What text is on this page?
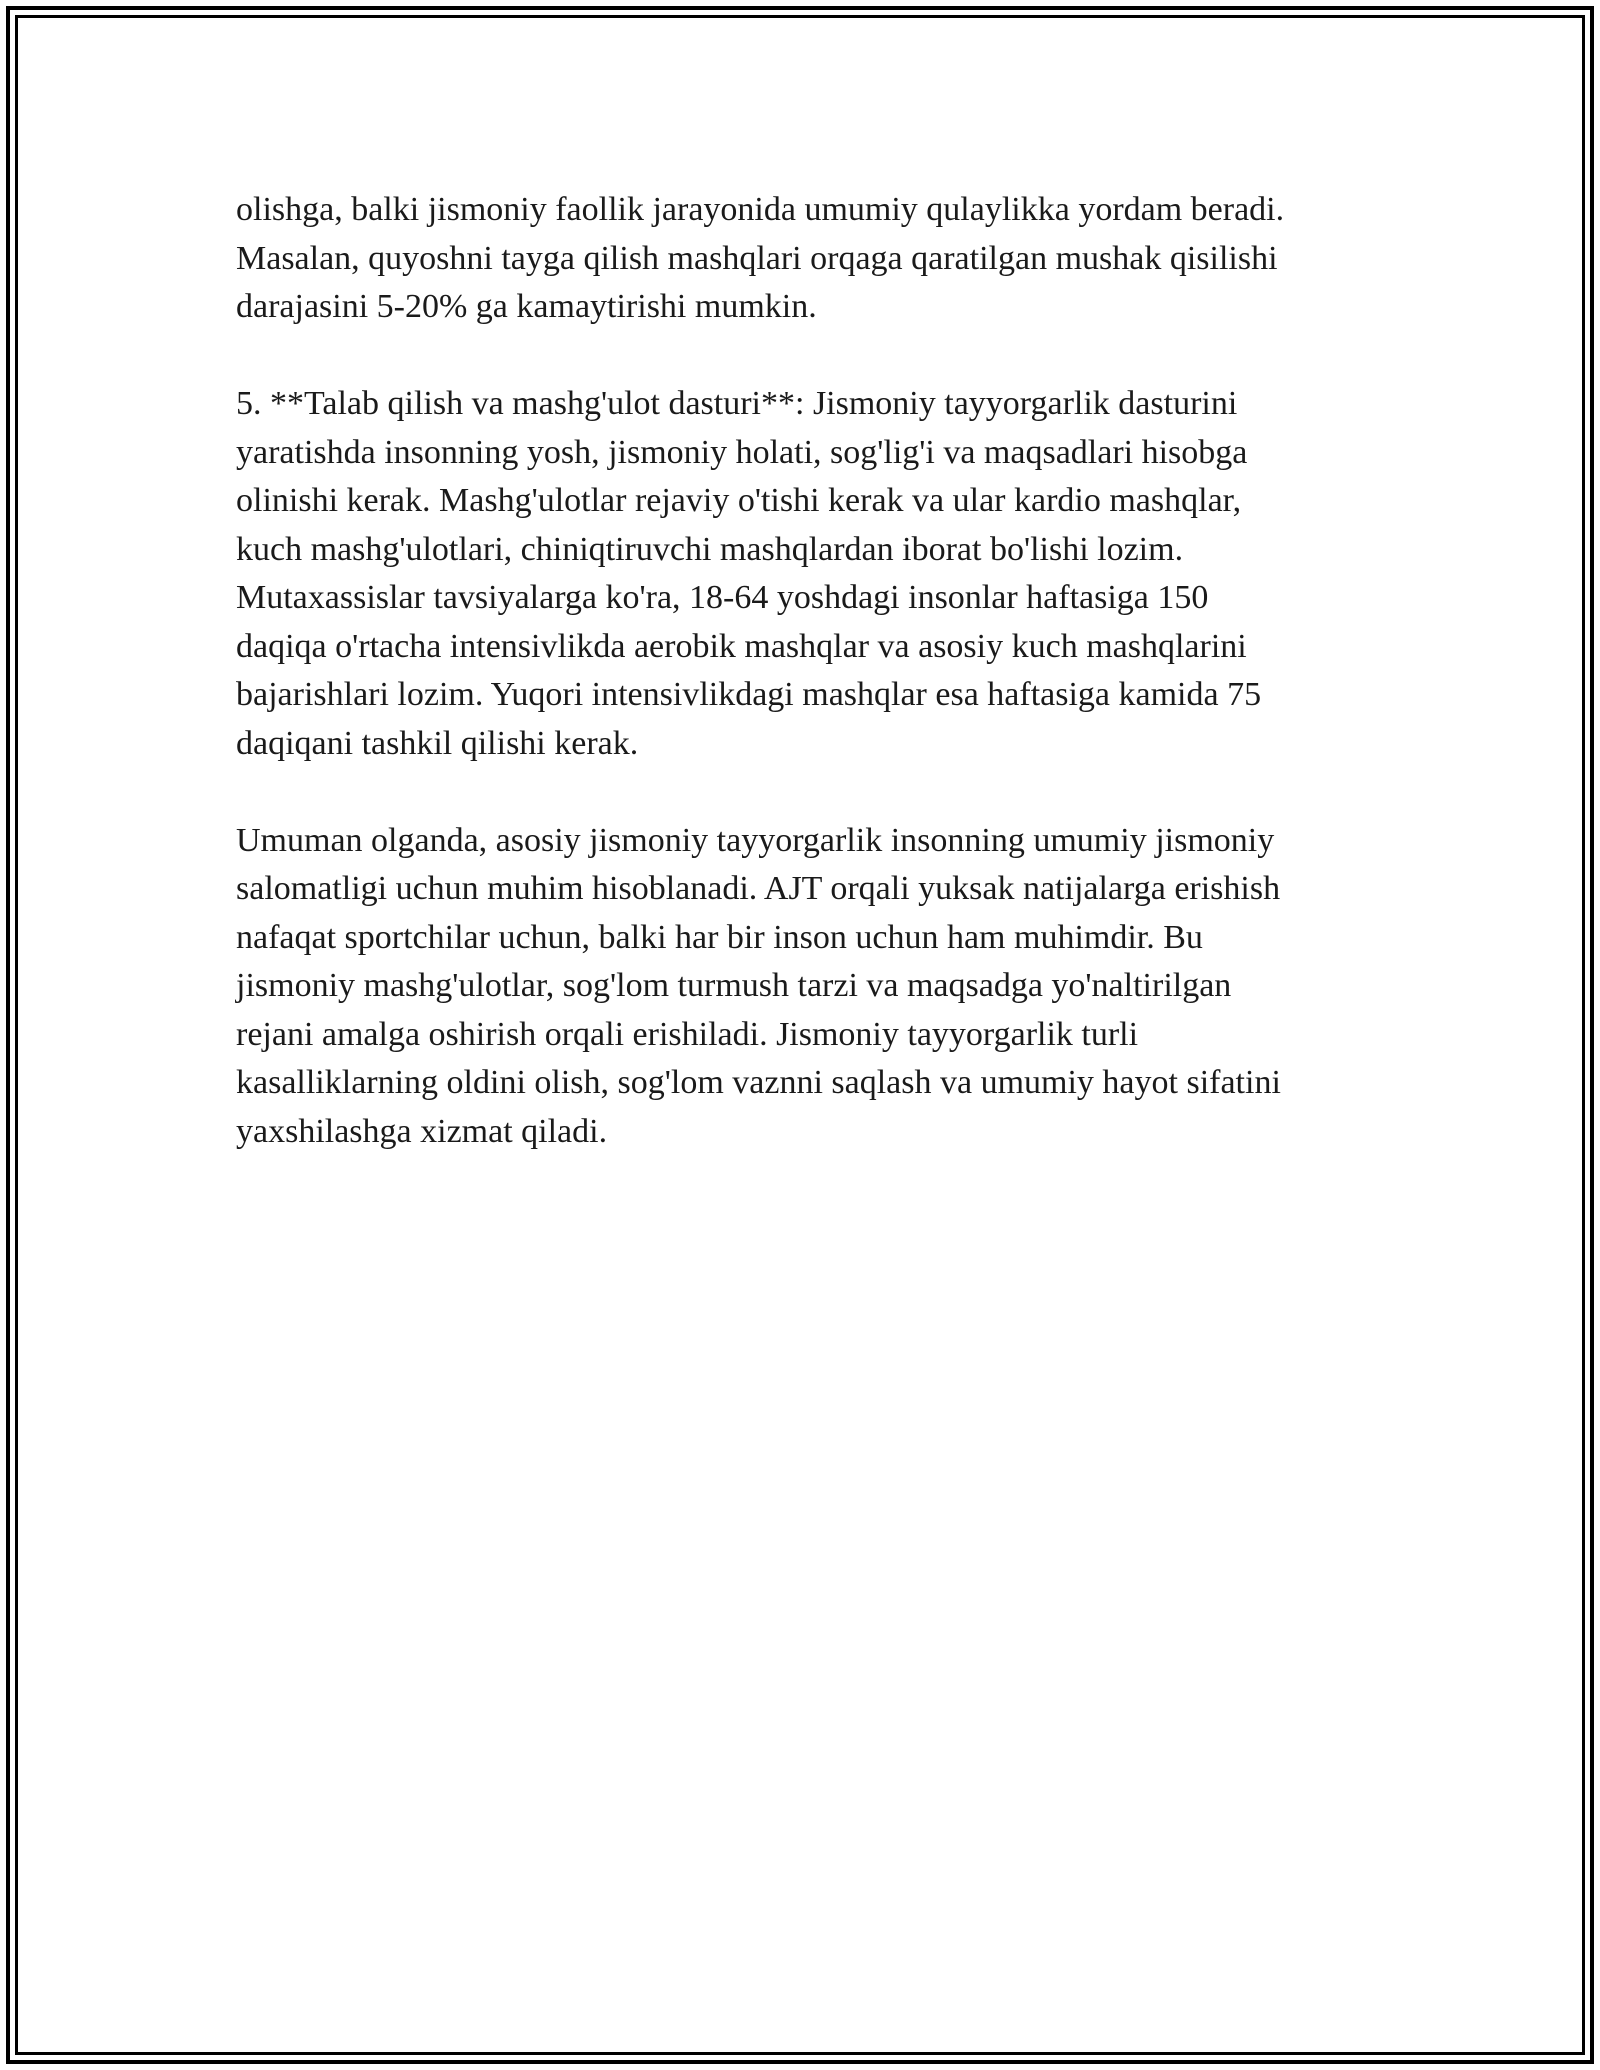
olishga, balki jismoniy faollik jarayonida umumiy qulaylikka yordam beradi.
Masalan, quyoshni tayga qilish mashqlari orqaga qaratilgan mushak qisilishi
darajasini 5-20% ga kamaytirishi mumkin.

5. **Talab qilish va mashg'ulot dasturi**: Jismoniy tayyorgarlik dasturini
yaratishda insonning yosh, jismoniy holati, sog'lig'i va maqsadlari hisobga
olinishi kerak. Mashg'ulotlar rejaviy o'tishi kerak va ular kardio mashqlar,
kuch mashg'ulotlari, chiniqtiruvchi mashqlardan iborat bo'lishi lozim.
Mutaxassislar tavsiyalarga ko'ra, 18-64 yoshdagi insonlar haftasiga 150
daqiqa o'rtacha intensivlikda aerobik mashqlar va asosiy kuch mashqlarini
bajarishlari lozim. Yuqori intensivlikdagi mashqlar esa haftasiga kamida 75
daqiqani tashkil qilishi kerak.

Umuman olganda, asosiy jismoniy tayyorgarlik insonning umumiy jismoniy
salomatligi uchun muhim hisoblanadi. AJT orqali yuksak natijalarga erishish
nafaqat sportchilar uchun, balki har bir inson uchun ham muhimdir. Bu
jismoniy mashg'ulotlar, sog'lom turmush tarzi va maqsadga yo'naltirilgan
rejani amalga oshirish orqali erishiladi. Jismoniy tayyorgarlik turli
kasalliklarning oldini olish, sog'lom vaznni saqlash va umumiy hayot sifatini
yaxshilashga xizmat qiladi.
